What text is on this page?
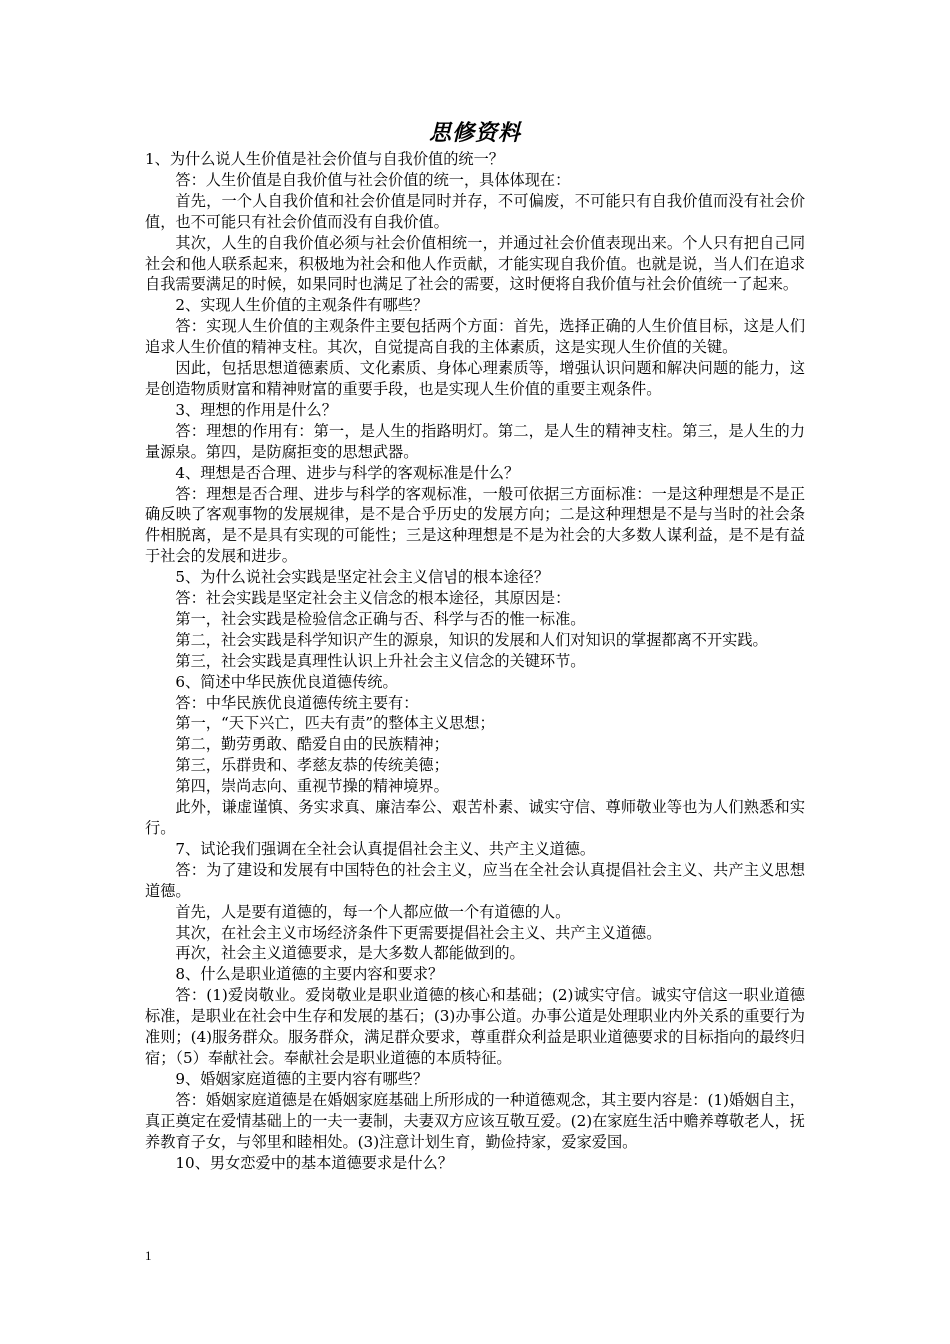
思修资料

1、为什么说人生价值是社会价值与自我价值的统一？

答：人生价值是自我价值与社会价值的统一，具体体现在：

首先，一个人自我价值和社会价值是同时并存，不可偏废，不可能只有自我价值而没有社会价值，也不可能只有社会价值而没有自我价值。

其次，人生的自我价值必须与社会价值相统一，并通过社会价值表现出来。个人只有把自己同社会和他人联系起来，积极地为社会和他人作贡献，才能实现自我价值。也就是说，当人们在追求自我需要满足的时候，如果同时也满足了社会的需要，这时便将自我价值与社会价值统一了起来。

2、实现人生价值的主观条件有哪些？

答：实现人生价值的主观条件主要包括两个方面：首先，选择正确的人生价值目标，这是人们追求人生价值的精神支柱。其次，自觉提高自我的主体素质，这是实现人生价值的关键。

因此，包括思想道德素质、文化素质、身体心理素质等，增强认识问题和解决问题的能力，这是创造物质财富和精神财富的重要手段，也是实现人生价值的重要主观条件。

3、理想的作用是什么？

答：理想的作用有：第一，是人生的指路明灯。第二，是人生的精神支柱。第三，是人生的力量源泉。第四，是防腐拒变的思想武器。

4、理想是否合理、进步与科学的客观标准是什么？

答：理想是否合理、进步与科学的客观标准，一般可依据三方面标准：一是这种理想是不是正确反映了客观事物的发展规律，是不是合乎历史的发展方向；二是这种理想是不是与当时的社会条件相脱离，是不是具有实现的可能性；三是这种理想是不是为社会的大多数人谋利益，是不是有益于社会的发展和进步。

5、为什么说社会实践是坚定社会主义信념的根本途径？

答：社会实践是坚定社会主义信念的根本途径，其原因是：

第一，社会实践是检验信念正确与否、科学与否的惟一标准。

第二，社会实践是科学知识产生的源泉，知识的发展和人们对知识的掌握都离不开实践。

第三，社会实践是真理性认识上升社会主义信念的关键环节。

6、简述中华民族优良道德传统。

答：中华民族优良道德传统主要有：

第一，“天下兴亡，匹夫有责”的整体主义思想；

第二，勤劳勇敢、酷爱自由的民族精神；

第三，乐群贵和、孝慈友恭的传统美德；

第四，崇尚志向、重视节操的精神境界。

此外，谦虚谨慎、务实求真、廉洁奉公、艰苦朴素、诚实守信、尊师敬业等也为人们熟悉和实行。

7、试论我们强调在全社会认真提倡社会主义、共产主义道德。

答：为了建设和发展有中国特色的社会主义，应当在全社会认真提倡社会主义、共产主义思想道德。

首先，人是要有道德的，每一个人都应做一个有道德的人。

其次，在社会主义市场经济条件下更需要提倡社会主义、共产主义道德。

再次，社会主义道德要求，是大多数人都能做到的。

8、什么是职业道德的主要内容和要求？

答：(1)爱岗敬业。爱岗敬业是职业道德的核心和基础；(2)诚实守信。诚实守信这一职业道德标准，是职业在社会中生存和发展的基石；(3)办事公道。办事公道是处理职业内外关系的重要行为准则；(4)服务群众。服务群众，满足群众要求，尊重群众利益是职业道德要求的目标指向的最终归宿；（5）奉献社会。奉献社会是职业道德的本质特征。

9、婚姻家庭道德的主要内容有哪些？

答：婚姻家庭道德是在婚姻家庭基础上所形成的一种道德观念，其主要内容是：(1)婚姻自主，真正奠定在爱情基础上的一夫一妻制，夫妻双方应该互敬互爱。(2)在家庭生活中赡养尊敬老人，抚养教育子女，与邻里和睦相处。(3)注意计划生育，勤俭持家，爱家爱国。

10、男女恋爱中的基本道德要求是什么？

1
